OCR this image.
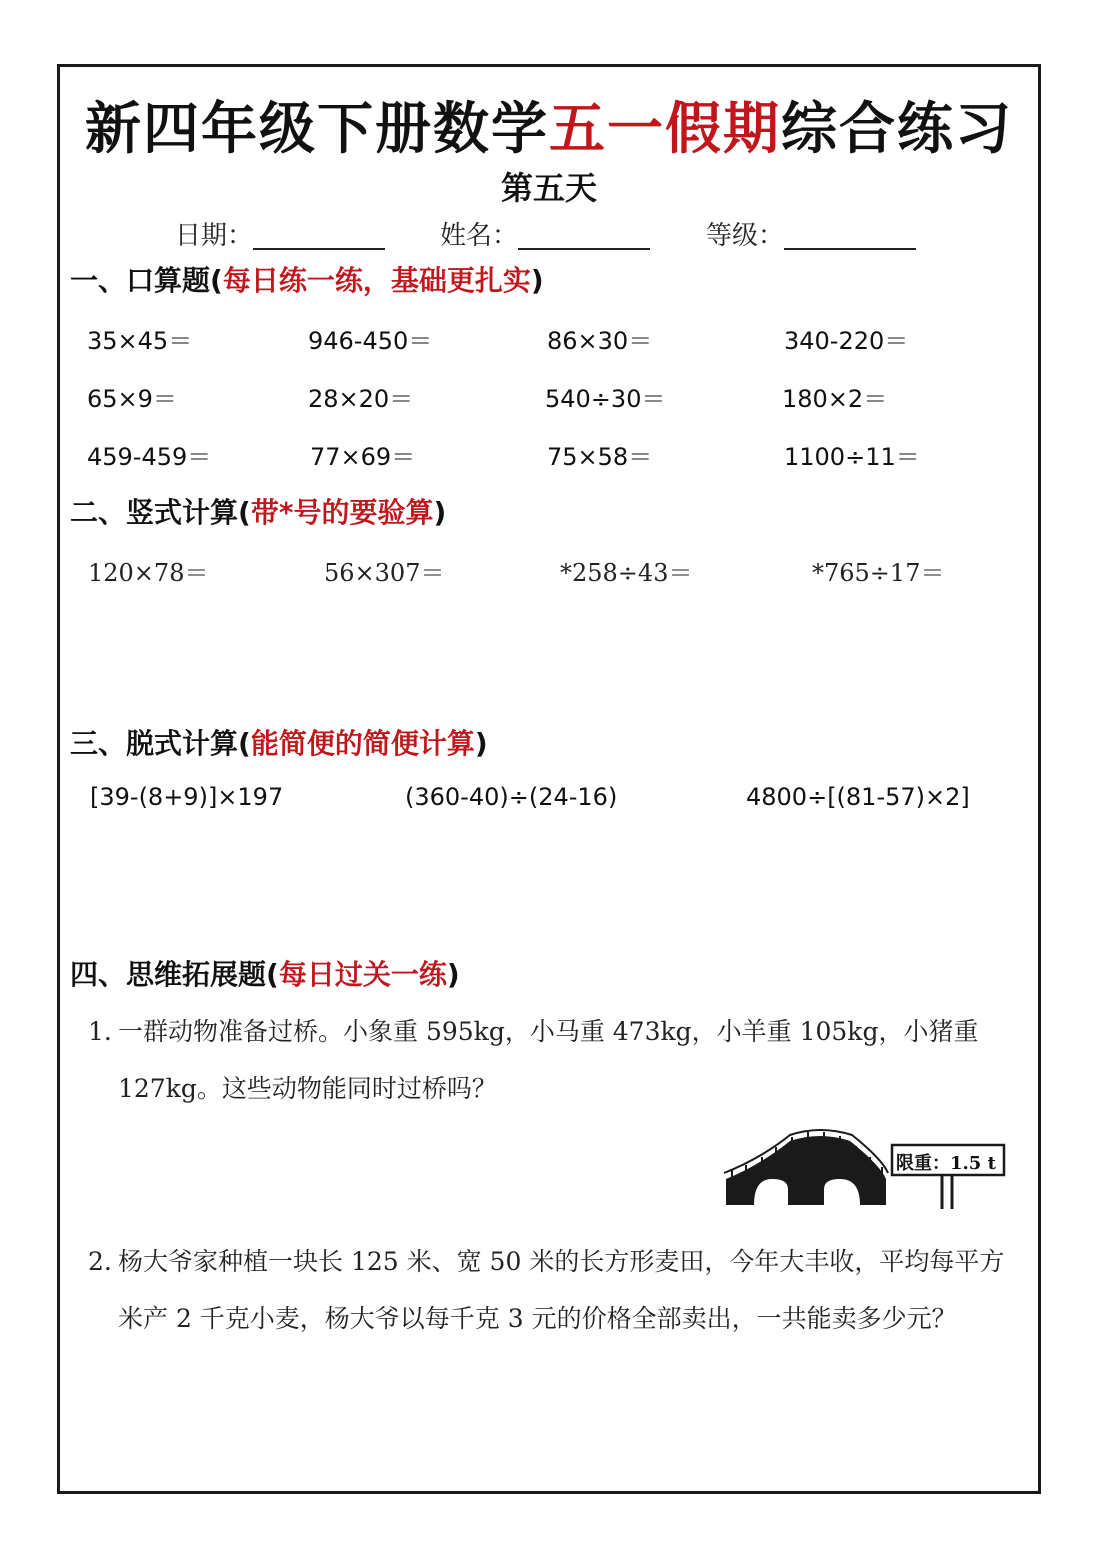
新四年级下册数学五一假期综合练习
第五天
日期：	姓名：	等级：
一、口算题(每日练一练，基础更扎实)
35×45＝	946-450＝	86×30＝	340-220＝
65×9＝	28×20＝	540÷30＝	180×2＝
459-459＝	77×69＝	75×58＝	1100÷11＝
二、竖式计算(带*号的要验算)
120×78＝	56×307＝	*258÷43＝	*765÷17＝
三、脱式计算(能简便的简便计算)
[39-(8+9)]×197	(360-40)÷(24-16)	4800÷[(81-57)×2]
四、思维拓展题(每日过关一练)
1. 一群动物准备过桥。小象重 595kg，小马重 473kg，小羊重 105kg，小猪重 127kg。这些动物能同时过桥吗？
限重：1.5 t
2. 杨大爷家种植一块长 125 米、宽 50 米的长方形麦田，今年大丰收，平均每平方米产 2 千克小麦，杨大爷以每千克 3 元的价格全部卖出，一共能卖多少元？
